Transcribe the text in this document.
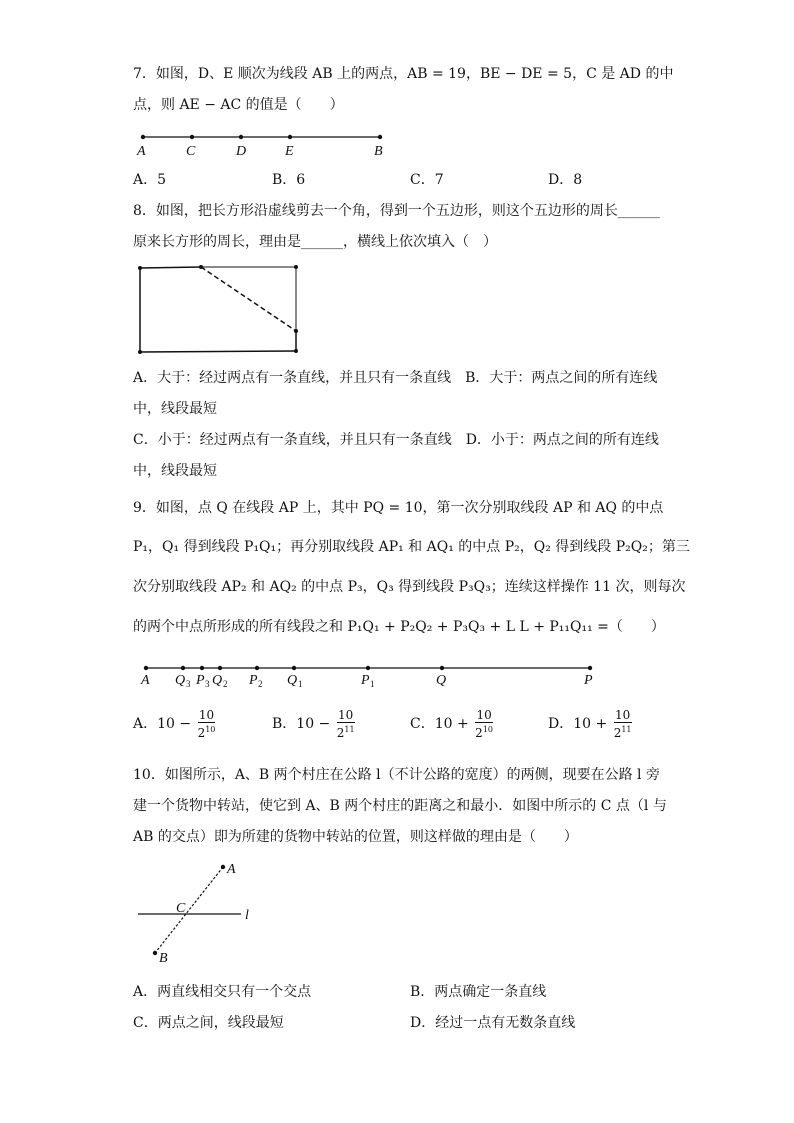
7．如图，D、E 顺次为线段 AB 上的两点，AB = 19，BE − DE = 5，C 是 AD 的中
点，则 AE − AC 的值是（　　）
A	C	D	E	B
A．5	B．6	C．7	D．8
8．如图，把长方形沿虚线剪去一个角，得到一个五边形，则这个五边形的周长______
原来长方形的周长，理由是______，横线上依次填入（　）
A．大于：经过两点有一条直线，并且只有一条直线　B．大于：两点之间的所有连线
中，线段最短
C．小于：经过两点有一条直线，并且只有一条直线　D．小于：两点之间的所有连线
中，线段最短
9．如图，点 Q 在线段 AP 上，其中 PQ = 10，第一次分别取线段 AP 和 AQ 的中点
P₁，Q₁ 得到线段 P₁Q₁；再分别取线段 AP₁ 和 AQ₁ 的中点 P₂，Q₂ 得到线段 P₂Q₂；第三
次分别取线段 AP₂ 和 AQ₂ 的中点 P₃，Q₃ 得到线段 P₃Q₃；连续这样操作 11 次，则每次
的两个中点所形成的所有线段之和 P₁Q₁ + P₂Q₂ + P₃Q₃ + L L + P₁₁Q₁₁ =（　　）
A Q 3 P 3 Q 2 P 2 Q 1	P 1	Q	P
A．$10 - \frac{10}{2^{10}}$	B．$10 - \frac{10}{2^{11}}$	C．$10 + \frac{10}{2^{10}}$	D．$10 + \frac{10}{2^{11}}$
10．如图所示，A、B 两个村庄在公路 l（不计公路的宽度）的两侧，现要在公路 l 旁
建一个货物中转站，使它到 A、B 两个村庄的距离之和最小．如图中所示的 C 点（l 与
AB 的交点）即为所建的货物中转站的位置，则这样做的理由是（　　）
A
C	l
B
A．两直线相交只有一个交点	B．两点确定一条直线
C．两点之间，线段最短	D．经过一点有无数条直线
